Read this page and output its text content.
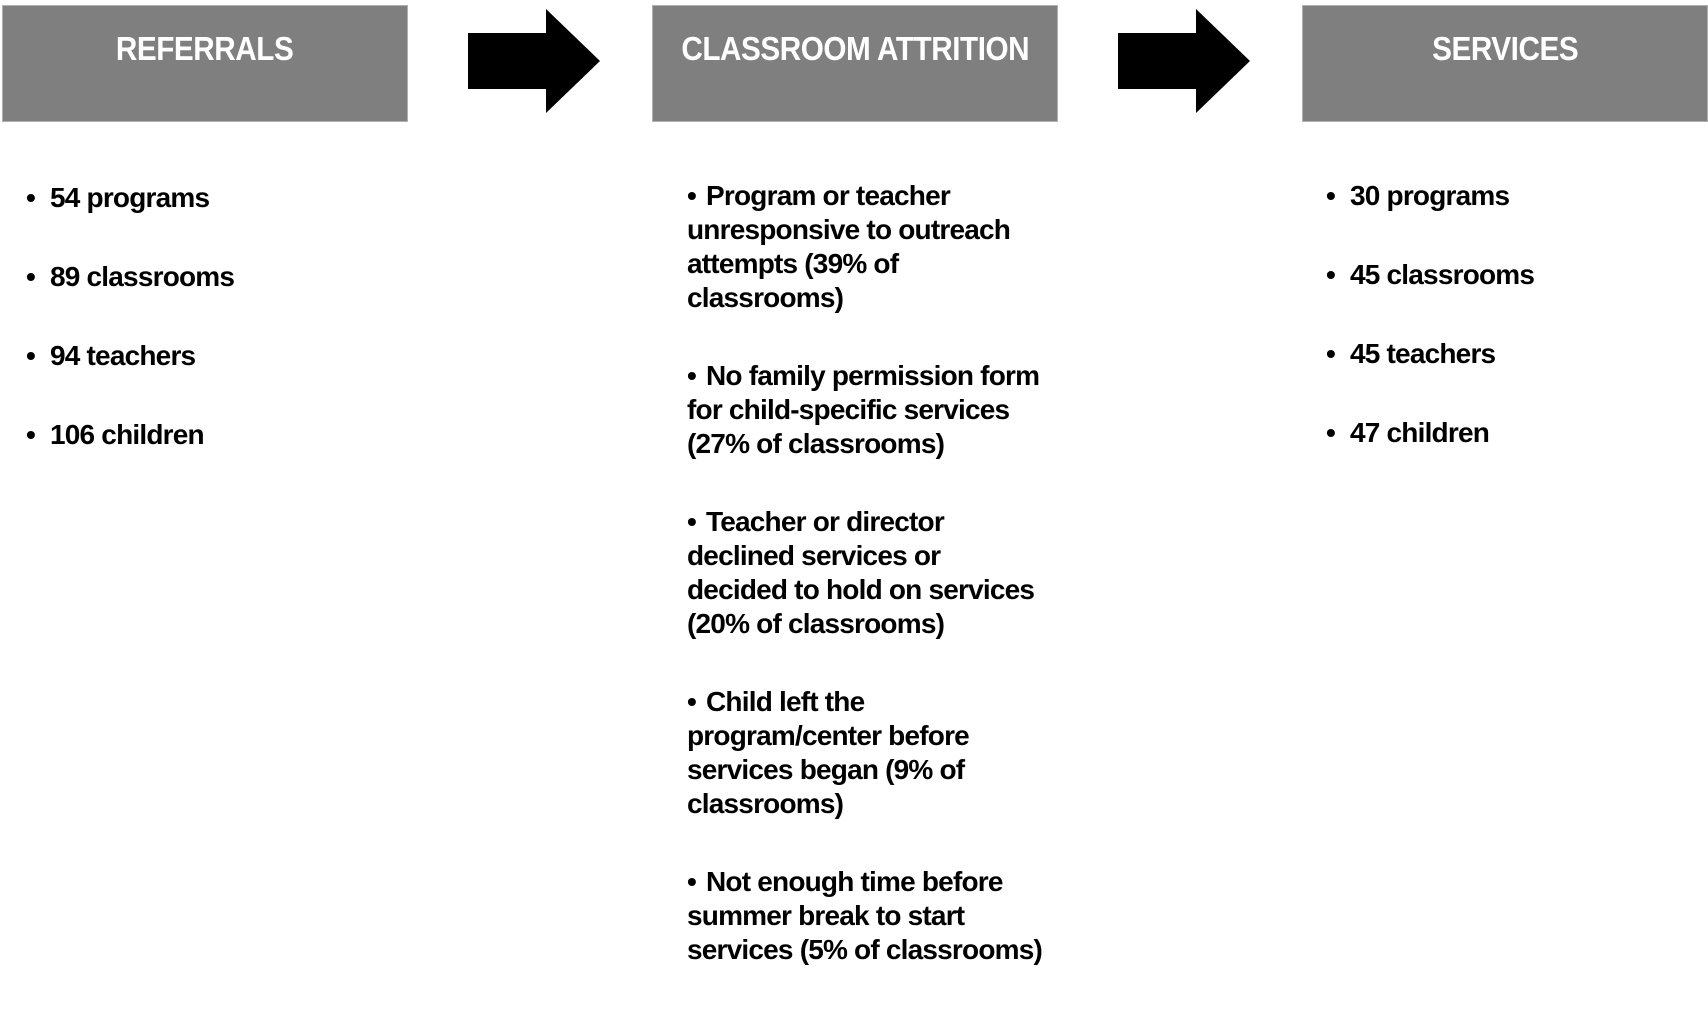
REFERRALS	CLASSROOM ATTRITION	SERVICES
• 54 programs
• 89 classrooms
• 94 teachers
• 106 children
• Program or teacher unresponsive to outreach attempts (39% of classrooms)
• No family permission form for child-specific services (27% of classrooms)
• Teacher or director declined services or decided to hold on services (20% of classrooms)
• Child left the program/center before services began (9% of classrooms)
• Not enough time before summer break to start services (5% of classrooms)
• 30 programs
• 45 classrooms
• 45 teachers
• 47 children
